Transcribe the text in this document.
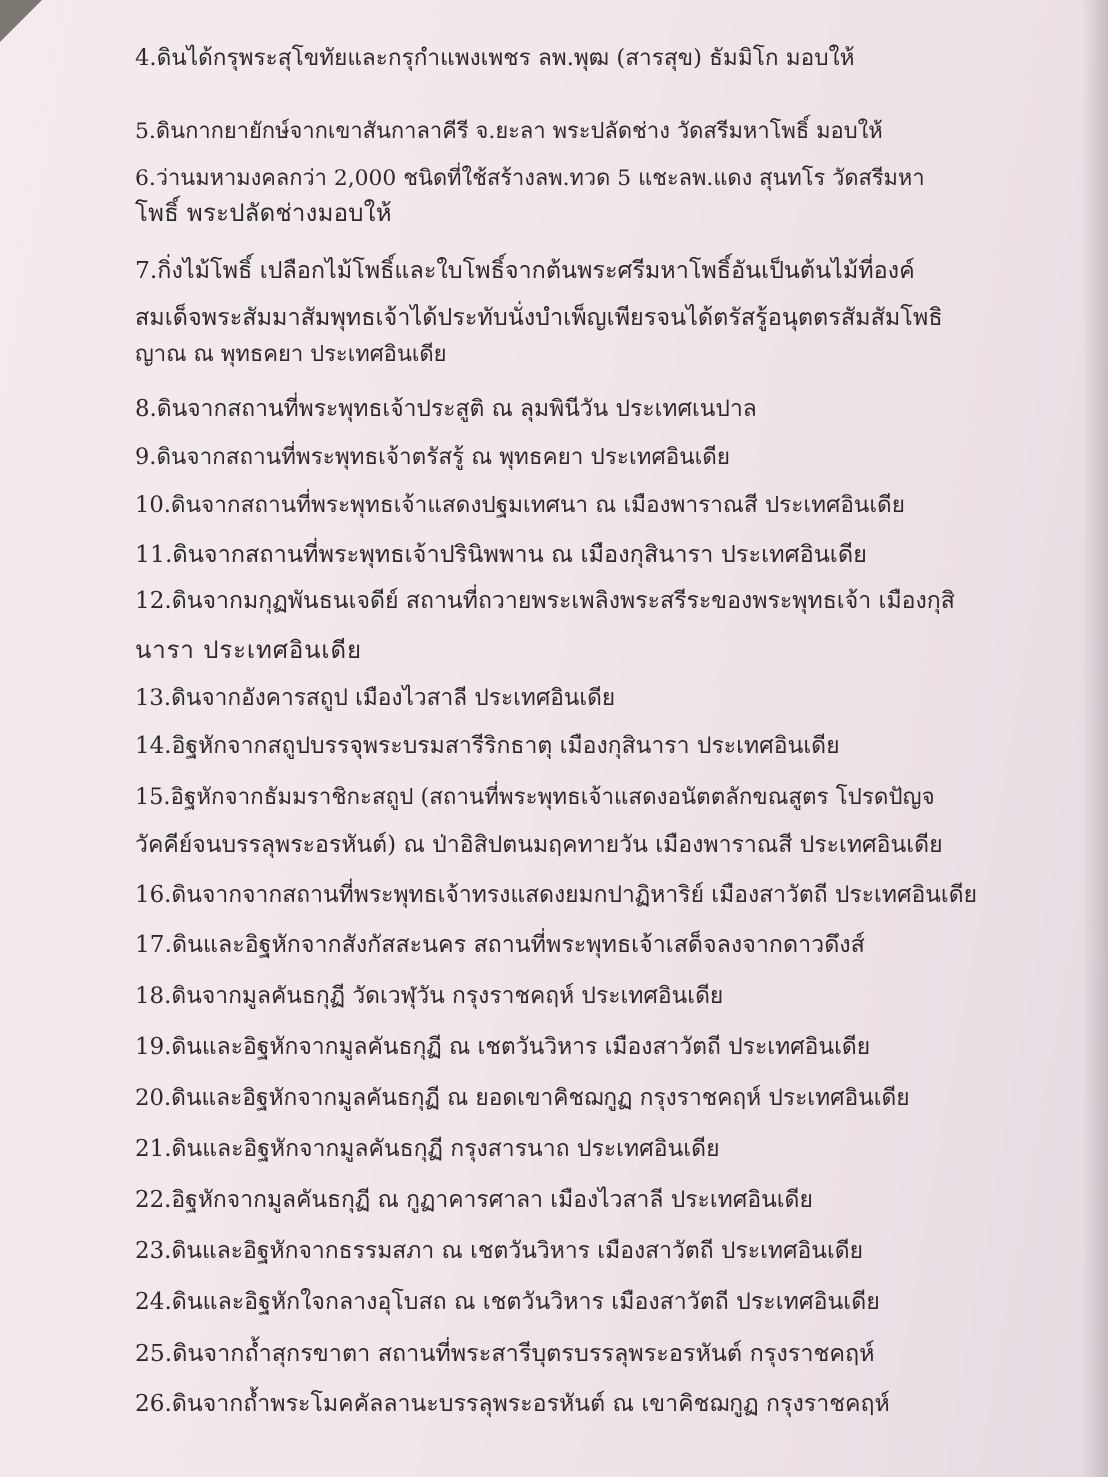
4.ดินได้กรุพระสุโขทัยและกรุกำแพงเพชร ลพ.พุฒ (สารสุข) ธัมมิโก มอบให้
5.ดินกากยายักษ์จากเขาสันกาลาคีรี จ.ยะลา พระปลัดช่าง วัดสรีมหาโพธิ์ มอบให้
6.ว่านมหามงคลกว่า 2,000 ชนิดที่ใช้สร้างลพ.ทวด 5 แชะลพ.แดง สุนทโร วัดสรีมหา
โพธิ์ พระปลัดช่างมอบให้
7.กิ่งไม้โพธิ์ เปลือกไม้โพธิ์และใบโพธิ์จากต้นพระศรีมหาโพธิ์อันเป็นต้นไม้ที่องค์
สมเด็จพระสัมมาสัมพุทธเจ้าได้ประทับนั่งบำเพ็ญเพียรจนได้ตรัสรู้อนุตตรสัมสัมโพธิ
ญาณ ณ พุทธคยา ประเทศอินเดีย
8.ดินจากสถานที่พระพุทธเจ้าประสูติ ณ ลุมพินีวัน ประเทศเนปาล
9.ดินจากสถานที่พระพุทธเจ้าตรัสรู้ ณ พุทธคยา ประเทศอินเดีย
10.ดินจากสถานที่พระพุทธเจ้าแสดงปฐมเทศนา ณ เมืองพาราณสี ประเทศอินเดีย
11.ดินจากสถานที่พระพุทธเจ้าปรินิพพาน ณ เมืองกุสินารา ประเทศอินเดีย
12.ดินจากมกุฏพันธนเจดีย์ สถานที่ถวายพระเพลิงพระสรีระของพระพุทธเจ้า เมืองกุสิ
นารา ประเทศอินเดีย
13.ดินจากอังคารสถูป เมืองไวสาลี ประเทศอินเดีย
14.อิฐหักจากสถูปบรรจุพระบรมสารีริกธาตุ เมืองกุสินารา ประเทศอินเดีย
15.อิฐหักจากธัมมราชิกะสถูป (สถานที่พระพุทธเจ้าแสดงอนัตตลักขณสูตร โปรดปัญจ
วัคคีย์จนบรรลุพระอรหันต์) ณ ป่าอิสิปตนมฤคทายวัน เมืองพาราณสี ประเทศอินเดีย
16.ดินจากจากสถานที่พระพุทธเจ้าทรงแสดงยมกปาฏิหาริย์ เมืองสาวัตถี ประเทศอินเดีย
17.ดินและอิฐหักจากสังกัสสะนคร สถานที่พระพุทธเจ้าเสด็จลงจากดาวดึงส์
18.ดินจากมูลคันธกุฏี วัดเวฬุวัน กรุงราชคฤห์ ประเทศอินเดีย
19.ดินและอิฐหักจากมูลคันธกุฏี ณ เชตวันวิหาร เมืองสาวัตถี ประเทศอินเดีย
20.ดินและอิฐหักจากมูลคันธกุฏี ณ ยอดเขาคิชฌกูฏ กรุงราชคฤห์ ประเทศอินเดีย
21.ดินและอิฐหักจากมูลคันธกุฏี กรุงสารนาถ ประเทศอินเดีย
22.อิฐหักจากมูลคันธกุฏี ณ กูฏาคารศาลา เมืองไวสาลี ประเทศอินเดีย
23.ดินและอิฐหักจากธรรมสภา ณ เชตวันวิหาร เมืองสาวัตถี ประเทศอินเดีย
24.ดินและอิฐหักใจกลางอุโบสถ ณ เชตวันวิหาร เมืองสาวัตถี ประเทศอินเดีย
25.ดินจากถ้ำสุกรขาตา สถานที่พระสารีบุตรบรรลุพระอรหันต์ กรุงราชคฤห์
26.ดินจากถ้ำพระโมคคัลลานะบรรลุพระอรหันต์ ณ เขาคิชฌกูฏ กรุงราชคฤห์
